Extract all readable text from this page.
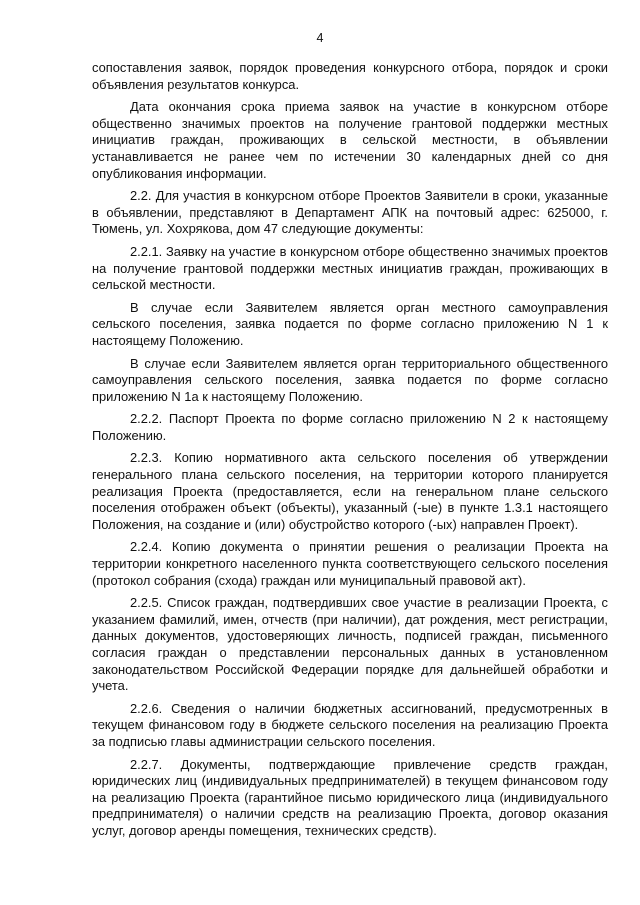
4

сопоставления заявок, порядок проведения конкурсного отбора, порядок и сроки объявления результатов конкурса.

Дата окончания срока приема заявок на участие в конкурсном отборе общественно значимых проектов на получение грантовой поддержки местных инициатив граждан, проживающих в сельской местности, в объявлении устанавливается не ранее чем по истечении 30 календарных дней со дня опубликования информации.

2.2. Для участия в конкурсном отборе Проектов Заявители в сроки, указанные в объявлении, представляют в Департамент АПК на почтовый адрес: 625000, г. Тюмень, ул. Хохрякова, дом 47 следующие документы:

2.2.1. Заявку на участие в конкурсном отборе общественно значимых проектов на получение грантовой поддержки местных инициатив граждан, проживающих в сельской местности.

В случае если Заявителем является орган местного самоуправления сельского поселения, заявка подается по форме согласно приложению N 1 к настоящему Положению.

В случае если Заявителем является орган территориального общественного самоуправления сельского поселения, заявка подается по форме согласно приложению N 1а к настоящему Положению.

2.2.2. Паспорт Проекта по форме согласно приложению N 2 к настоящему Положению.

2.2.3. Копию нормативного акта сельского поселения об утверждении генерального плана сельского поселения, на территории которого планируется реализация Проекта (предоставляется, если на генеральном плане сельского поселения отображен объект (объекты), указанный (-ые) в пункте 1.3.1 настоящего Положения, на создание и (или) обустройство которого (-ых) направлен Проект).

2.2.4. Копию документа о принятии решения о реализации Проекта на территории конкретного населенного пункта соответствующего сельского поселения (протокол собрания (схода) граждан или муниципальный правовой акт).

2.2.5. Список граждан, подтвердивших свое участие в реализации Проекта, с указанием фамилий, имен, отчеств (при наличии), дат рождения, мест регистрации, данных документов, удостоверяющих личность, подписей граждан, письменного согласия граждан о представлении персональных данных в установленном законодательством Российской Федерации порядке для дальнейшей обработки и учета.

2.2.6. Сведения о наличии бюджетных ассигнований, предусмотренных в текущем финансовом году в бюджете сельского поселения на реализацию Проекта за подписью главы администрации сельского поселения.

2.2.7. Документы, подтверждающие привлечение средств граждан, юридических лиц (индивидуальных предпринимателей) в текущем финансовом году на реализацию Проекта (гарантийное письмо юридического лица (индивидуального предпринимателя) о наличии средств на реализацию Проекта, договор оказания услуг, договор аренды помещения, технических средств).
